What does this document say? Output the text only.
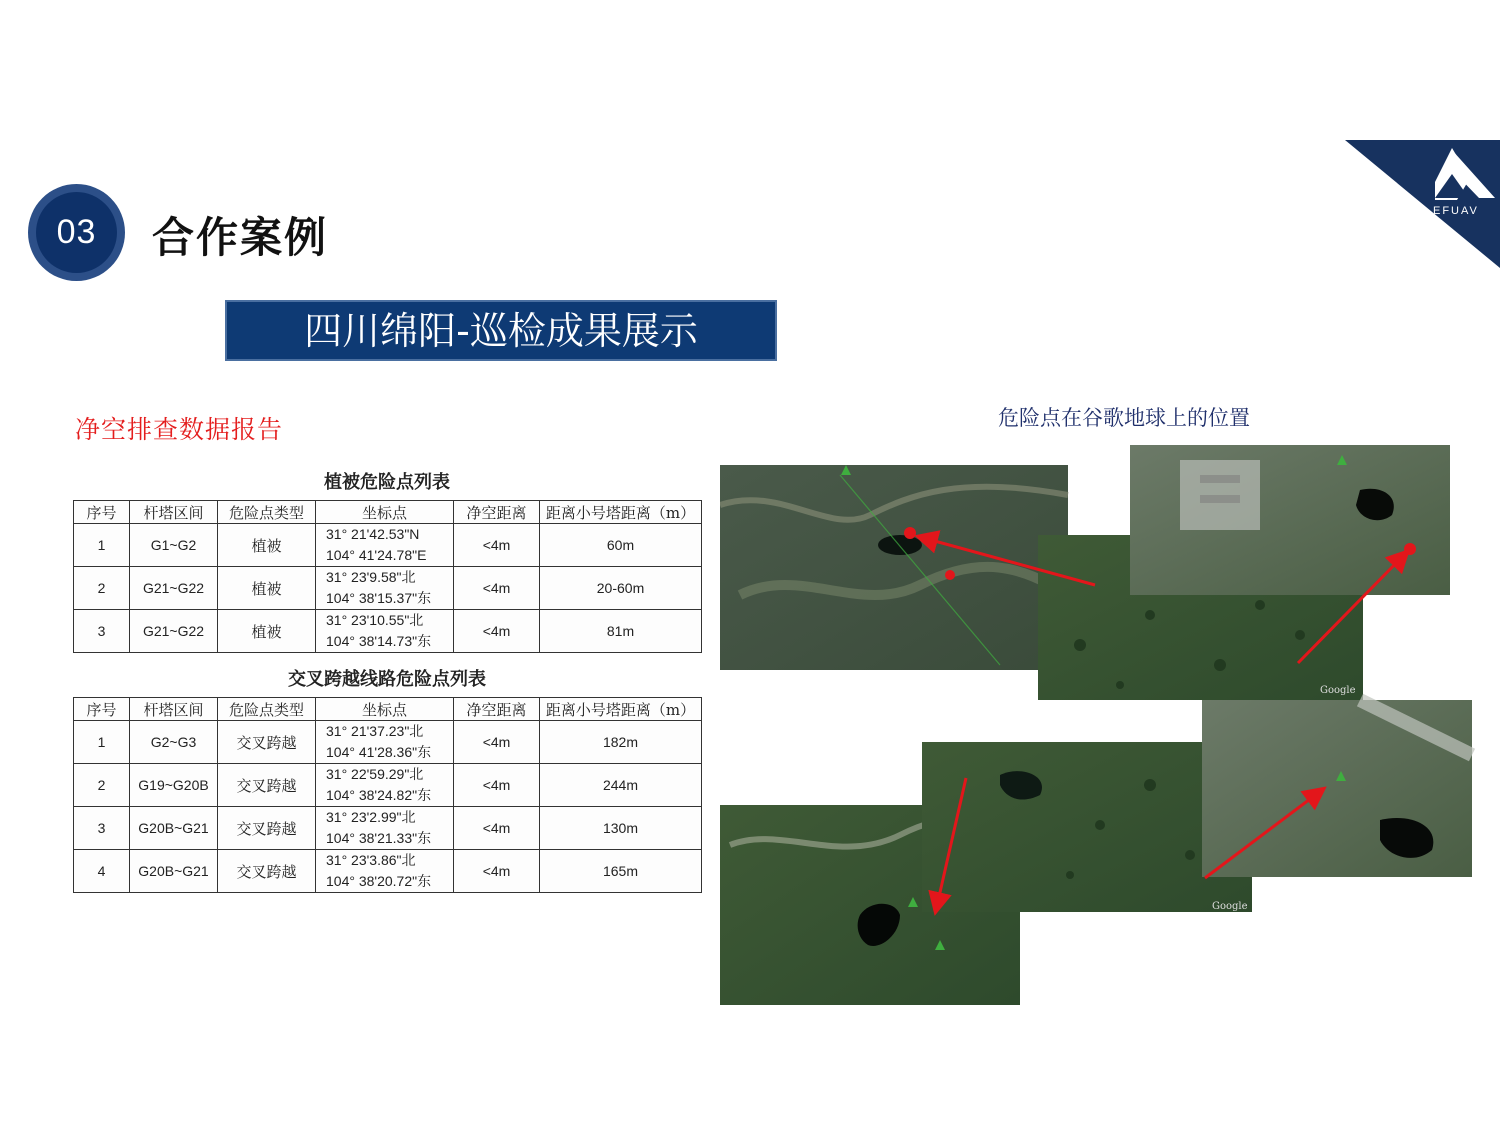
03	合作案例
四川绵阳-巡检成果展示
EFUAV
净空排查数据报告
植被危险点列表
序号	杆塔区间	危险点类型	坐标点	净空距离	距离小号塔距离（m）
1	G1~G2	植被	31° 21'42.53"N
104° 41'24.78"E	<4m	60m
2	G21~G22	植被	31° 23'9.58"北
104° 38'15.37"东	<4m	20-60m
3	G21~G22	植被	31° 23'10.55"北
104° 38'14.73"东	<4m	81m
交叉跨越线路危险点列表
序号	杆塔区间	危险点类型	坐标点	净空距离	距离小号塔距离（m）
1	G2~G3	交叉跨越	31° 21'37.23"北
104° 41'28.36"东	<4m	182m
2	G19~G20B	交叉跨越	31° 22'59.29"北
104° 38'24.82"东	<4m	244m
3	G20B~G21	交叉跨越	31° 23'2.99"北
104° 38'21.33"东	<4m	130m
4	G20B~G21	交叉跨越	31° 23'3.86"北
104° 38'20.72"东	<4m	165m
危险点在谷歌地球上的位置
Google
Google
